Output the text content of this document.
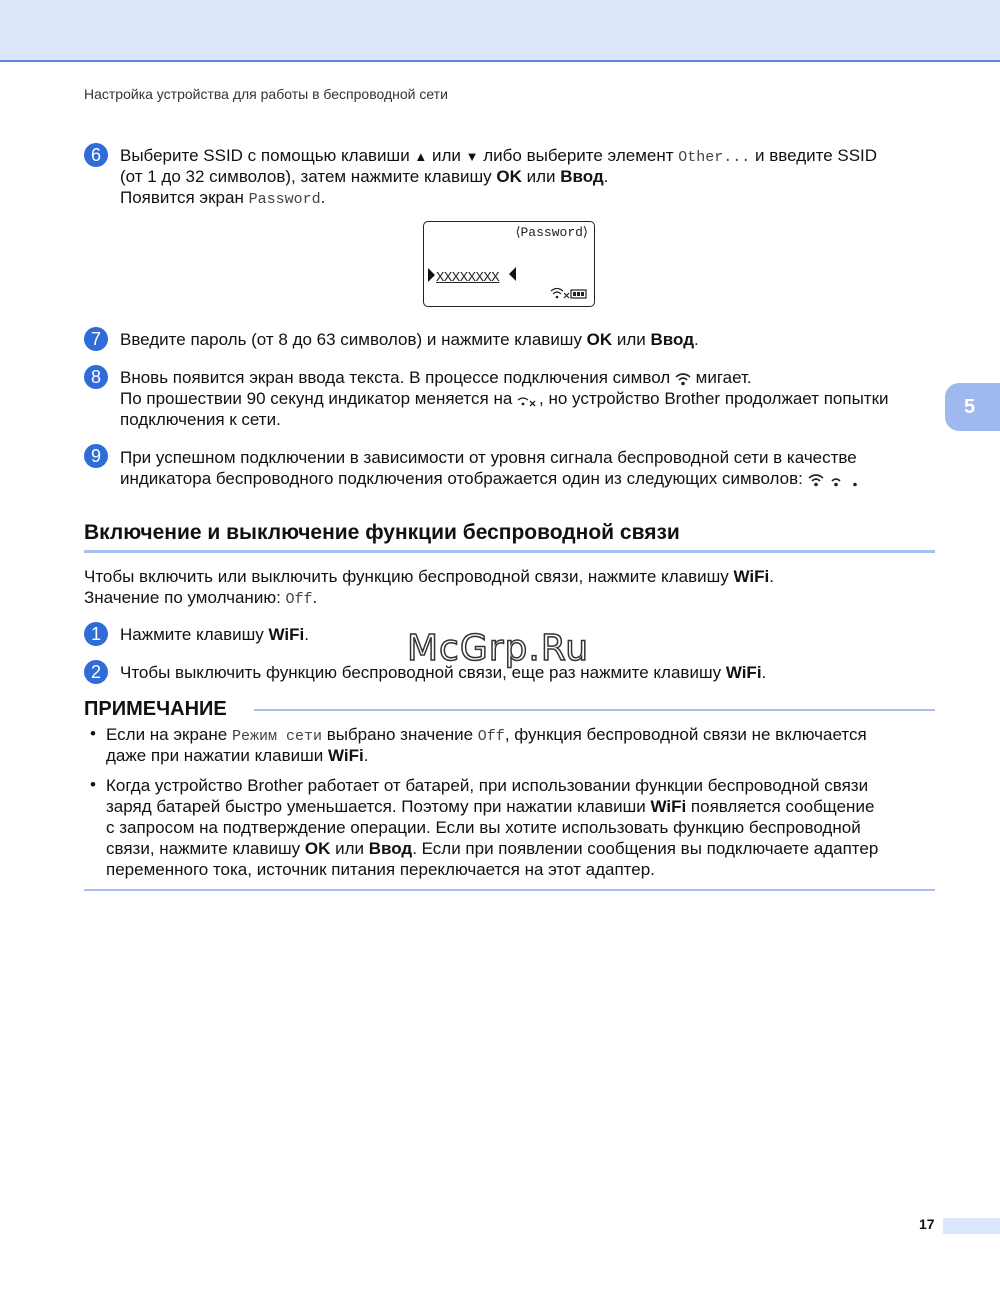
Настройка устройства для работы в беспроводной сети
6	Выберите SSID с помощью клавиши ▲ или ▼ либо выберите элемент Other... и введите SSID
(от 1 до 32 символов), затем нажмите клавишу OK или Ввод.
Появится экран Password.
⟨Password⟩
XXXXXXXX
7	Введите пароль (от 8 до 63 символов) и нажмите клавишу OK или Ввод.
8	Вновь появится экран ввода текста. В процессе подключения символ  мигает.
По прошествии 90 секунд индикатор меняется на , но устройство Brother продолжает попытки
подключения к сети.
5
9	При успешном подключении в зависимости от уровня сигнала беспроводной сети в качестве
индикатора беспроводного подключения отображается один из следующих символов:
Включение и выключение функции беспроводной связи
Чтобы включить или выключить функцию беспроводной связи, нажмите клавишу WiFi.
Значение по умолчанию: Off.
1	Нажмите клавишу WiFi.
2	Чтобы выключить функцию беспроводной связи, еще раз нажмите клавишу WiFi.
McGrp.Ru
ПРИМЕЧАНИЕ
• Если на экране Режим сети выбрано значение Off, функция беспроводной связи не включается
даже при нажатии клавиши WiFi.
• Когда устройство Brother работает от батарей, при использовании функции беспроводной связи
заряд батарей быстро уменьшается. Поэтому при нажатии клавиши WiFi появляется сообщение
с запросом на подтверждение операции. Если вы хотите использовать функцию беспроводной
связи, нажмите клавишу OK или Ввод. Если при появлении сообщения вы подключаете адаптер
переменного тока, источник питания переключается на этот адаптер.
17
